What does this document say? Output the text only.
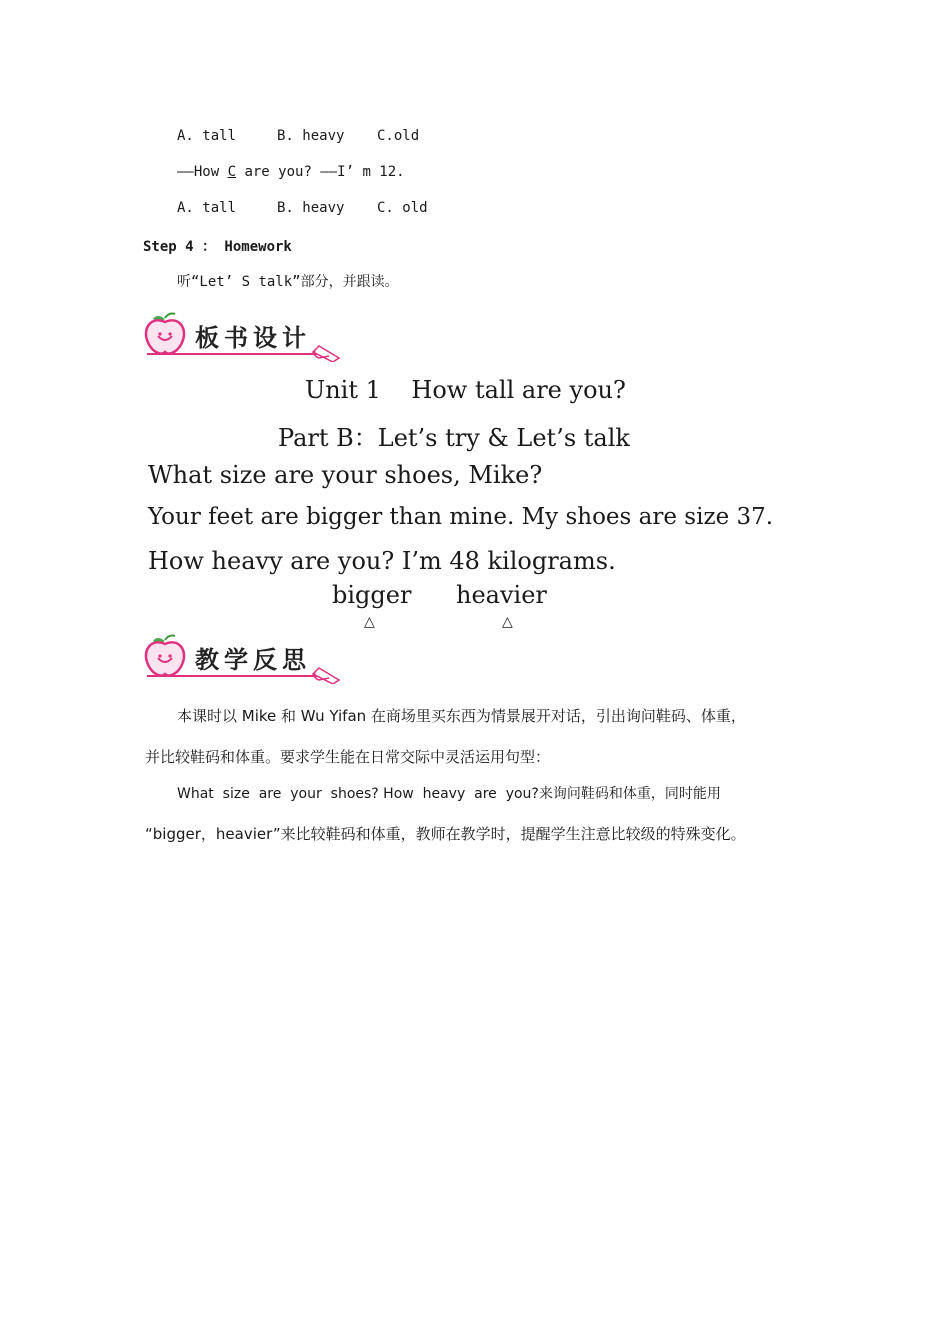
A. tall	B. heavy C.old
——How C are you? ——I’ m 12.
A. tall	B. heavy C. old
Step 4 ： Homework
听“Let’ S talk”部分，并跟读。
板书设计
Unit 1    How tall are you?
Part B：Let’s try & Let’s talk
What size are your shoes, Mike?
Your feet are bigger than mine. My shoes are size 37.
How heavy are you? I’m 48 kilograms.
bigger heavier
△	△
教学反思
本课时以 Mike 和 Wu Yifan 在商场里买东西为情景展开对话，引出询问鞋码、体重，
并比较鞋码和体重。要求学生能在日常交际中灵活运用句型：
What  size  are  your  shoes? How  heavy  are  you?来询问鞋码和体重，同时能用
“bigger，heavier”来比较鞋码和体重，教师在教学时，提醒学生注意比较级的特殊变化。
